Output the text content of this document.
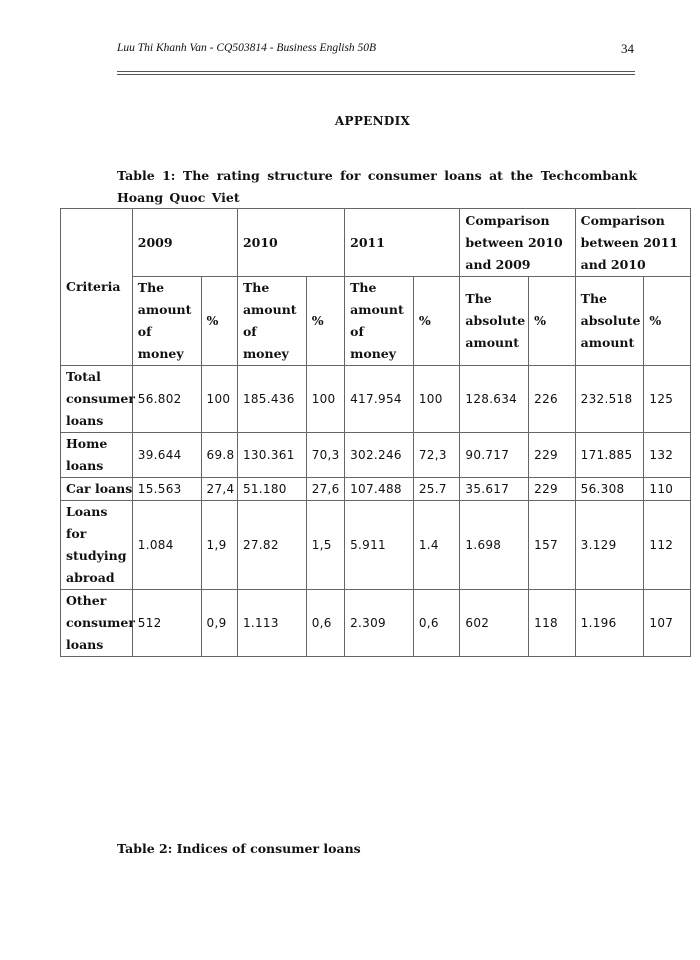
Luu Thi Khanh Van - CQ503814 - Business English 50B	34
APPENDIX
Table 1: The rating structure for consumer loans at the Techcombank Hoang Quoc Viet
Criteria	2009		2010		2011		Comparison between 2010 and 2009		Comparison between 2011 and 2010	
	The amount of money	%	The amount of money	%	The amount of money	%	The absolute amount	%	The absolute amount	%
Total consumer loans	56.802	100	185.436	100	417.954	100	128.634	226	232.518	125
Home loans	39.644	69.8	130.361	70,3	302.246	72,3	90.717	229	171.885	132
Car loans	15.563	27,4	51.180	27,6	107.488	25.7	35.617	229	56.308	110
Loans for studying abroad	1.084	1,9	27.82	1,5	5.911	1.4	1.698	157	3.129	112
Other consumer loans	512	0,9	1.113	0,6	2.309	0,6	602	118	1.196	107
Table 2: Indices of consumer loans
